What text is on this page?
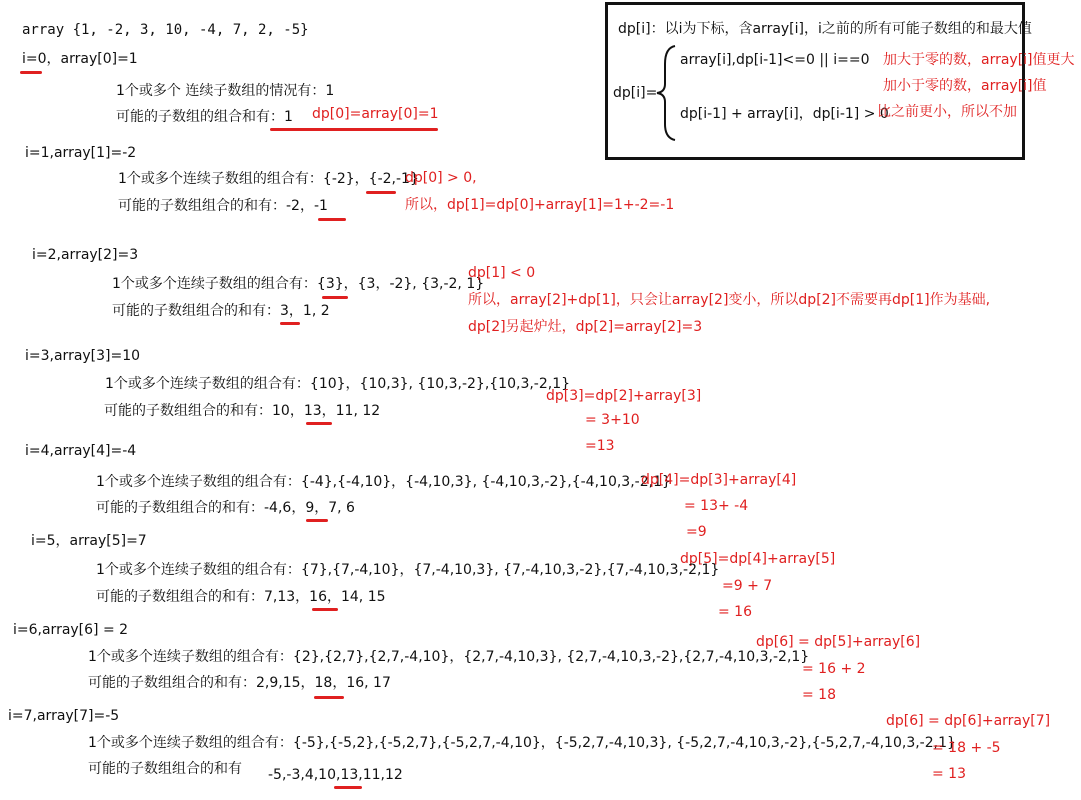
array {1, -2, 3, 10, -4, 7, 2, -5}	dp[i]：以i为下标，含array[i]，i之前的所有可能子数组的和最大值
dp[i]=
array[i],dp[i-1]<=0 || i==0
dp[i-1] + array[i]，dp[i-1] > 0
加大于零的数，array[i]值更大
加小于零的数，array[i]值
比之前更小，所以不加
i=0，array[0]=1
1个或多个 连续子数组的情况有：1
可能的子数组的组合和有：1 dp[0]=array[0]=1
i=1,array[1]=-2
1个或多个连续子数组的组合有：{-2}，{-2,-1}
dp[0] > 0,
可能的子数组组合的和有：-2，-1	所以，dp[1]=dp[0]+array[1]=1+-2=-1
i=2,array[2]=3
1个或多个连续子数组的组合有：{3}，{3，-2}, {3,-2, 1}
dp[1] < 0
所以，array[2]+dp[1]，只会让array[2]变小，所以dp[2]不需要再dp[1]作为基础,
可能的子数组组合的和有：3，1, 2
dp[2]另起炉灶，dp[2]=array[2]=3
i=3,array[3]=10
1个或多个连续子数组的组合有：{10}，{10,3}, {10,3,-2},{10,3,-2,1}
dp[3]=dp[2]+array[3]
可能的子数组组合的和有：10，13，11, 12
= 3+10
=13
i=4,array[4]=-4
1个或多个连续子数组的组合有：{-4},{-4,10}，{-4,10,3}, {-4,10,3,-2},{-4,10,3,-2,1}
dp[4]=dp[3]+array[4]
可能的子数组组合的和有：-4,6，9，7, 6	= 13+ -4
=9
i=5，array[5]=7
dp[5]=dp[4]+array[5]
1个或多个连续子数组的组合有：{7},{7,-4,10}，{7,-4,10,3}, {7,-4,10,3,-2},{7,-4,10,3,-2,1}
=9 + 7
可能的子数组组合的和有：7,13，16，14, 15
= 16
i=6,array[6] = 2
dp[6] = dp[5]+array[6]
1个或多个连续子数组的组合有：{2},{2,7},{2,7,-4,10}，{2,7,-4,10,3}, {2,7,-4,10,3,-2},{2,7,-4,10,3,-2,1}
= 16 + 2
可能的子数组组合的和有：2,9,15，18，16, 17
= 18
i=7,array[7]=-5	dp[6] = dp[6]+array[7]
1个或多个连续子数组的组合有：{-5},{-5,2},{-5,2,7},{-5,2,7,-4,10}，{-5,2,7,-4,10,3}, {-5,2,7,-4,10,3,-2},{-5,2,7,-4,10,3,-2,1}
= 18 + -5
可能的子数组组合的和有 -5,-3,4,10,13,11,12	= 13
